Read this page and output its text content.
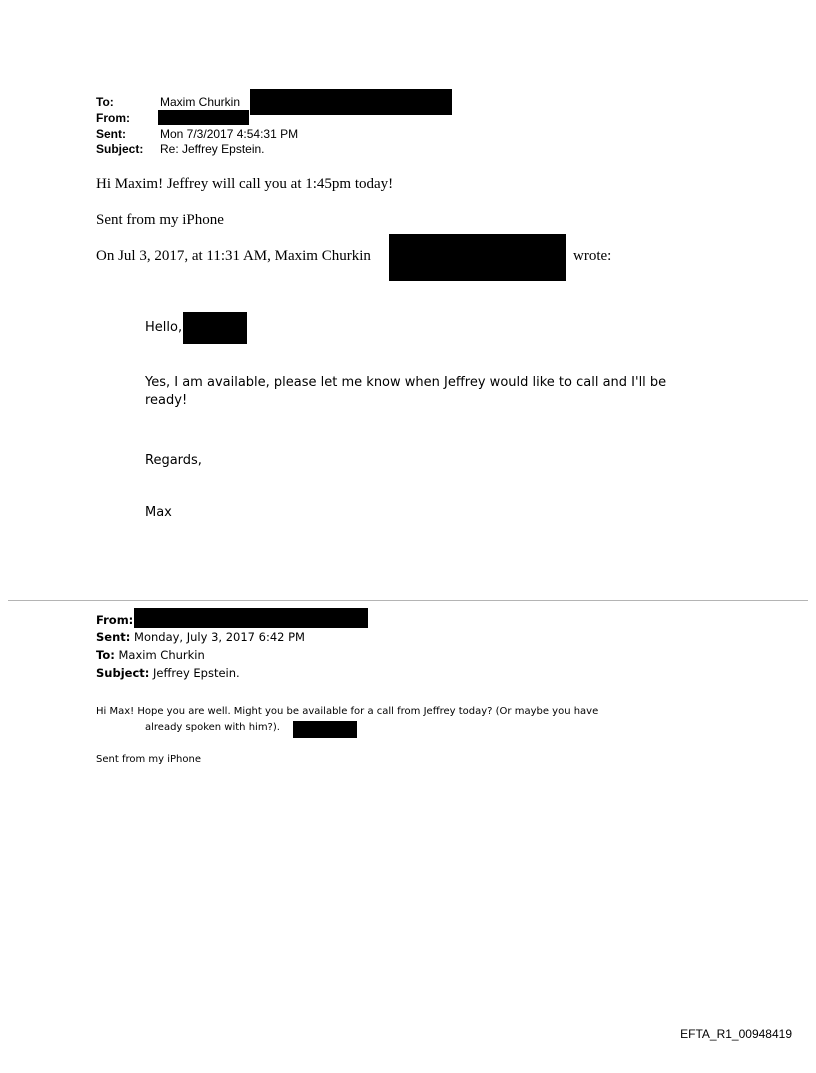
To:	Maxim Churkin
From:
Sent:	Mon 7/3/2017 4:54:31 PM
Subject: Re: Jeffrey Epstein.
Hi Maxim! Jeffrey will call you at 1:45pm today!
Sent from my iPhone
On Jul 3, 2017, at 11:31 AM, Maxim Churkin	wrote:
Hello,
Yes, I am available, please let me know when Jeffrey would like to call and I'll be ready!
Regards,
Max
From:
Sent: Monday, July 3, 2017 6:42 PM
To: Maxim Churkin
Subject: Jeffrey Epstein.
Hi Max! Hope you are well. Might you be available for a call from Jeffrey today? (Or maybe you have
already spoken with him?).
Sent from my iPhone
EFTA_R1_00948419
